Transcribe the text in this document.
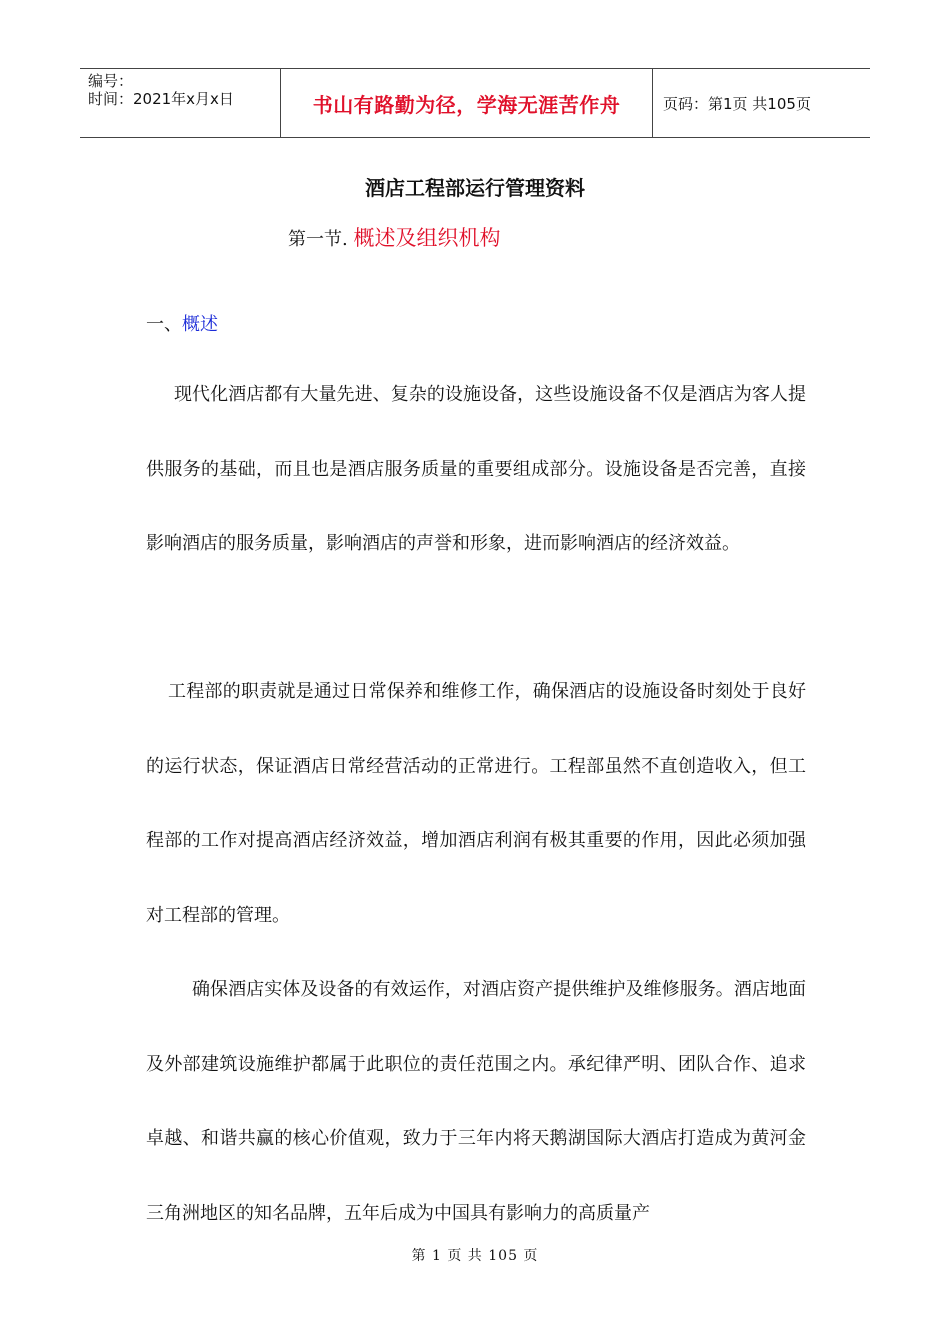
编号：
时间：2021年x月x日	书山有路勤为径，学海无涯苦作舟	页码：第1页 共105页
酒店工程部运行管理资料
第一节. 概述及组织机构
一、概述
现代化酒店都有大量先进、复杂的设施设备，这些设施设备不仅是酒店为客人提供服务的基础，而且也是酒店服务质量的重要组成部分。设施设备是否完善，直接影响酒店的服务质量，影响酒店的声誉和形象，进而影响酒店的经济效益。
工程部的职责就是通过日常保养和维修工作，确保酒店的设施设备时刻处于良好的运行状态，保证酒店日常经营活动的正常进行。工程部虽然不直创造收入，但工程部的工作对提高酒店经济效益，增加酒店利润有极其重要的作用，因此必须加强对工程部的管理。
确保酒店实体及设备的有效运作，对酒店资产提供维护及维修服务。酒店地面及外部建筑设施维护都属于此职位的责任范围之内。承纪律严明、团队合作、追求卓越、和谐共赢的核心价值观，致力于三年内将天鹅湖国际大酒店打造成为黄河金三角洲地区的知名品牌，五年后成为中国具有影响力的高质量产
第 1 页 共 105 页
